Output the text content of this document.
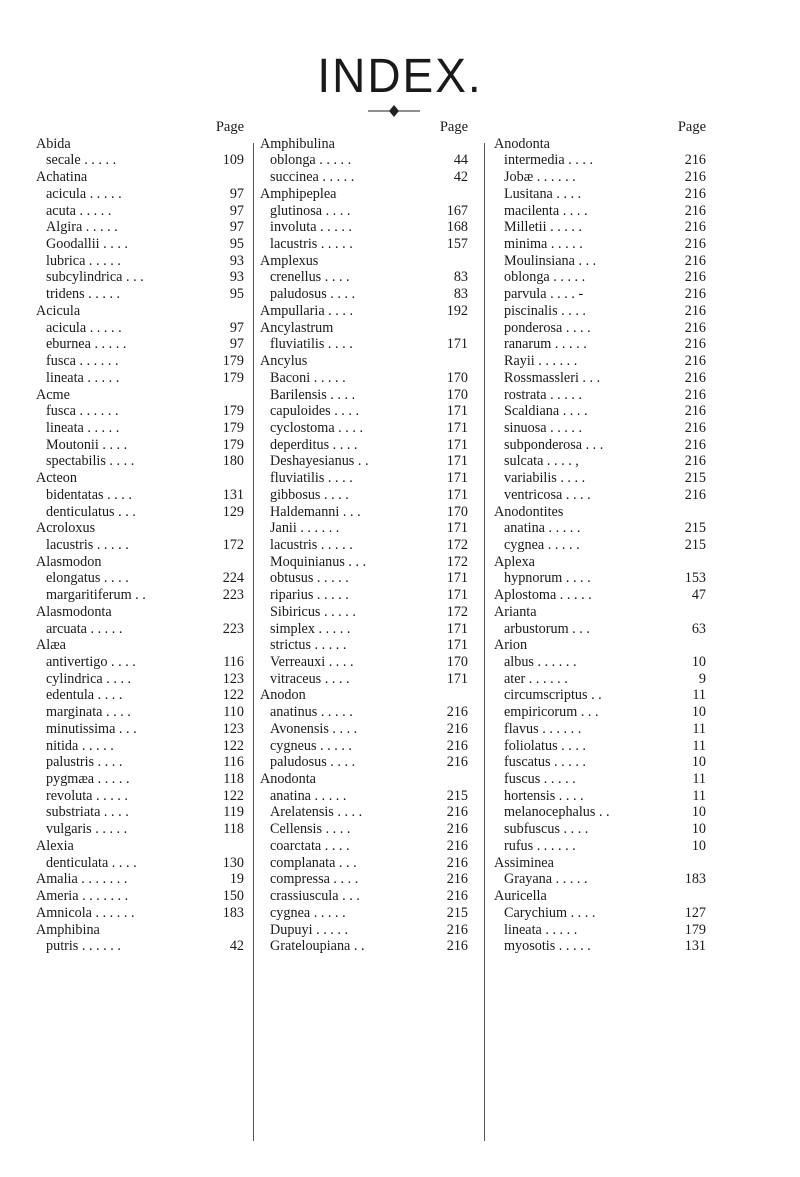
INDEX.
Page
Abida
secale . . . . .	109
Achatina
acicula . . . . .	97
acuta . . . . .	97
Algira . . . . .	97
Goodallii . . . .	95
lubrica . . . . .	93
subcylindrica . . .	93
tridens . . . . .	95
Acicula
acicula . . . . .	97
eburnea . . . . .	97
fusca . . . . . .	179
lineata . . . . .	179
Acme
fusca . . . . . .	179
lineata . . . . .	179
Moutonii . . . .	179
spectabilis . . . .	180
Acteon
bidentatas . . . .	131
denticulatus . . .	129
Acroloxus
lacustris . . . . .	172
Alasmodon
elongatus . . . .	224
margaritiferum . .	223
Alasmodonta
arcuata . . . . .	223
Alæa
antivertigo . . . .	116
cylindrica . . . .	123
edentula . . . .	122
marginata . . . .	110
minutissima . . .	123
nitida . . . . .	122
palustris . . . .	116
pygmæa . . . . .	118
revoluta . . . . .	122
substriata . . . .	119
vulgaris . . . . .	118
Alexia
denticulata . . . .	130
Amalia . . . . . . .	19
Ameria . . . . . . .	150
Amnicola . . . . . .	183
Amphibina
putris . . . . . .	42
Page
Amphibulina
oblonga . . . . .	44
succinea . . . . .	42
Amphipeplea
glutinosa . . . .	167
involuta . . . . .	168
lacustris . . . . .	157
Amplexus
crenellus . . . .	83
paludosus . . . .	83
Ampullaria . . . .	192
Ancylastrum
fluviatilis . . . .	171
Ancylus
Baconi . . . . .	170
Barilensis . . . .	170
capuloides . . . .	171
cyclostoma . . . .	171
deperditus . . . .	171
Deshayesianus . .	171
fluviatilis . . . .	171
gibbosus . . . .	171
Haldemanni . . .	170
Janii . . . . . .	171
lacustris . . . . .	172
Moquinianus . . .	172
obtusus . . . . .	171
riparius . . . . .	171
Sibiricus . . . . .	172
simplex . . . . .	171
strictus . . . . .	171
Verreauxi . . . .	170
vitraceus . . . .	171
Anodon
anatinus . . . . .	216
Avonensis . . . .	216
cygneus . . . . .	216
paludosus . . . .	216
Anodonta
anatina . . . . .	215
Arelatensis . . . .	216
Cellensis . . . .	216
coarctata . . . .	216
complanata . . .	216
compressa . . . .	216
crassiuscula . . .	216
cygnea . . . . .	215
Dupuyi . . . . .	216
Grateloupiana . .	216
Page
Anodonta
intermedia . . . .	216
Jobæ . . . . . .	216
Lusitana . . . .	216
macilenta . . . .	216
Milletii . . . . .	216
minima . . . . .	216
Moulinsiana . . .	216
oblonga . . . . .	216
parvula . . . . -	216
piscinalis . . . .	216
ponderosa . . . .	216
ranarum . . . . .	216
Rayii . . . . . .	216
Rossmassleri . . .	216
rostrata . . . . .	216
Scaldiana . . . .	216
sinuosa . . . . .	216
subponderosa . . .	216
sulcata . . . . ,	216
variabilis . . . .	215
ventricosa . . . .	216
Anodontites
anatina . . . . .	215
cygnea . . . . .	215
Aplexa
hypnorum . . . .	153
Aplostoma . . . . .	47
Arianta
arbustorum . . .	63
Arion
albus . . . . . .	10
ater . . . . . .	9
circumscriptus . .	11
empiricorum . . .	10
flavus . . . . . .	11
foliolatus . . . .	11
fuscatus . . . . .	10
fuscus . . . . .	11
hortensis . . . .	11
melanocephalus . .	10
subfuscus . . . .	10
rufus . . . . . .	10
Assiminea
Grayana . . . . .	183
Auricella
Carychium . . . .	127
lineata . . . . .	179
myosotis . . . . .	131
